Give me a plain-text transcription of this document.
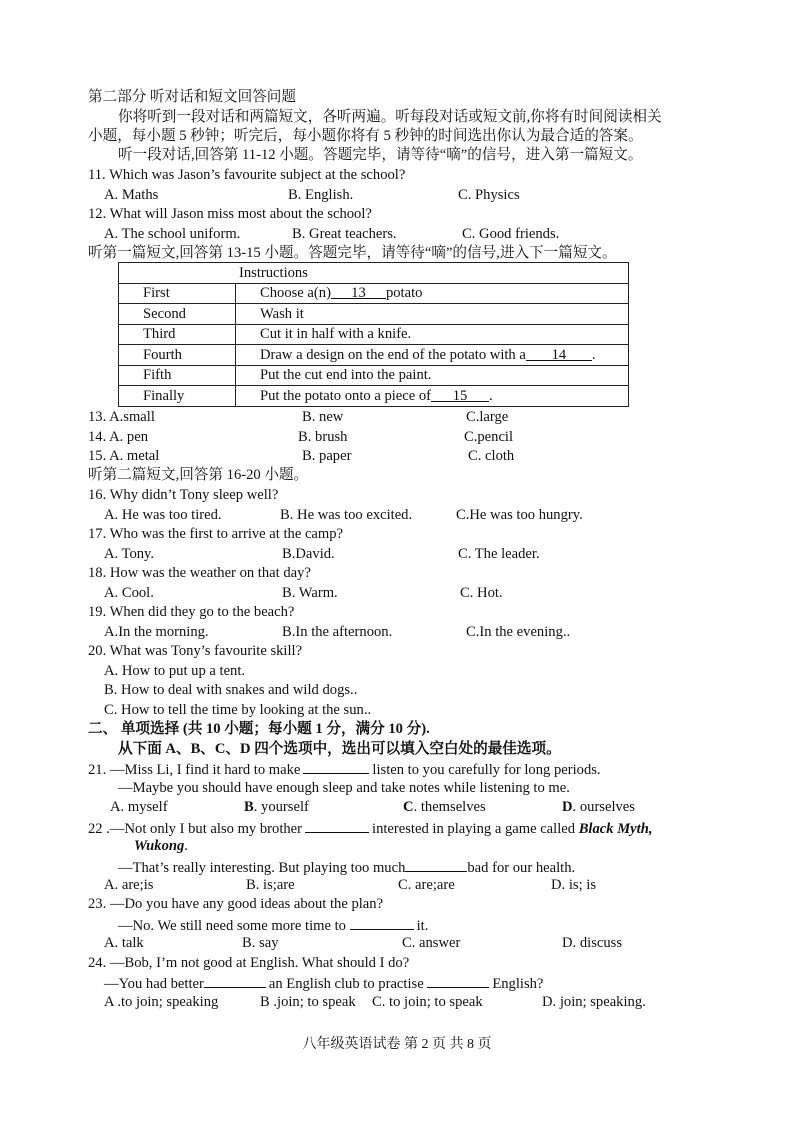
第二部分 听对话和短文回答问题
你将听到一段对话和两篇短文，各听两遍。听每段对话或短文前,你将有时间阅读相关
小题，每小题 5 秒钟；听完后，每小题你将有 5 秒钟的时间选出你认为最合适的答案。
听一段对话,回答第 11-12 小题。答题完毕，请等待“嘀”的信号，进入第一篇短文。
11. Which was Jason’s favourite subject at the school?
A. Maths	B. English.	C. Physics
12. What will Jason miss most about the school?
A. The school uniform.	B. Great teachers.	C. Good friends.
听第一篇短文,回答第 13-15 小题。答题完毕，请等待“嘀”的信号,进入下一篇短文。
Instructions	
First	Choose a(n) 13 potato
Second	Wash it
Third	Cut it in half with a knife.
Fourth	Draw a design on the end of the potato with a 14 .
Fifth	Put the cut end into the paint.
Finally	Put the potato onto a piece of 15 .
13. A.small	B. new	C.large
14. A. pen	B. brush	C.pencil
15. A. metal	B. paper	C. cloth
听第二篇短文,回答第 16-20 小题。
16. Why didn’t Tony sleep well?
A. He was too tired.	B. He was too excited.	C.He was too hungry.
17. Who was the first to arrive at the camp?
A. Tony.	B.David.	C. The leader.
18. How was the weather on that day?
A. Cool.	B. Warm.	C. Hot.
19. When did they go to the beach?
A.In the morning.	B.In the afternoon.	C.In the evening..
20. What was Tony’s favourite skill?
A. How to put up a tent.
B. How to deal with snakes and wild dogs..
C. How to tell the time by looking at the sun..
二、 单项选择 (共 10 小题；每小题 1 分，满分 10 分).
从下面 A、B、C、D 四个选项中，选出可以填入空白处的最佳选项。
21. —Miss Li, I find it hard to make	listen to you carefully for long periods.
—Maybe you should have enough sleep and take notes while listening to me.
A. myself	B. yourself	C. themselves	D. ourselves
22 .—Not only I but also my brother	interested in playing a game called Black Myth,
Wukong.
—That’s really interesting. But playing too much	bad for our health.
A. are;is	B. is;are	C. are;are	D. is; is
23. —Do you have any good ideas about the plan?
—No. We still need some more time to	it.
A. talk	B. say	C. answer	D. discuss
24. —Bob, I’m not good at English. What should I do?
—You had better	an English club to practise	English?
A .to join; speaking	B .join; to speak C. to join; to speak	D. join; speaking.
八年级英语试卷 第 2 页 共 8 页
